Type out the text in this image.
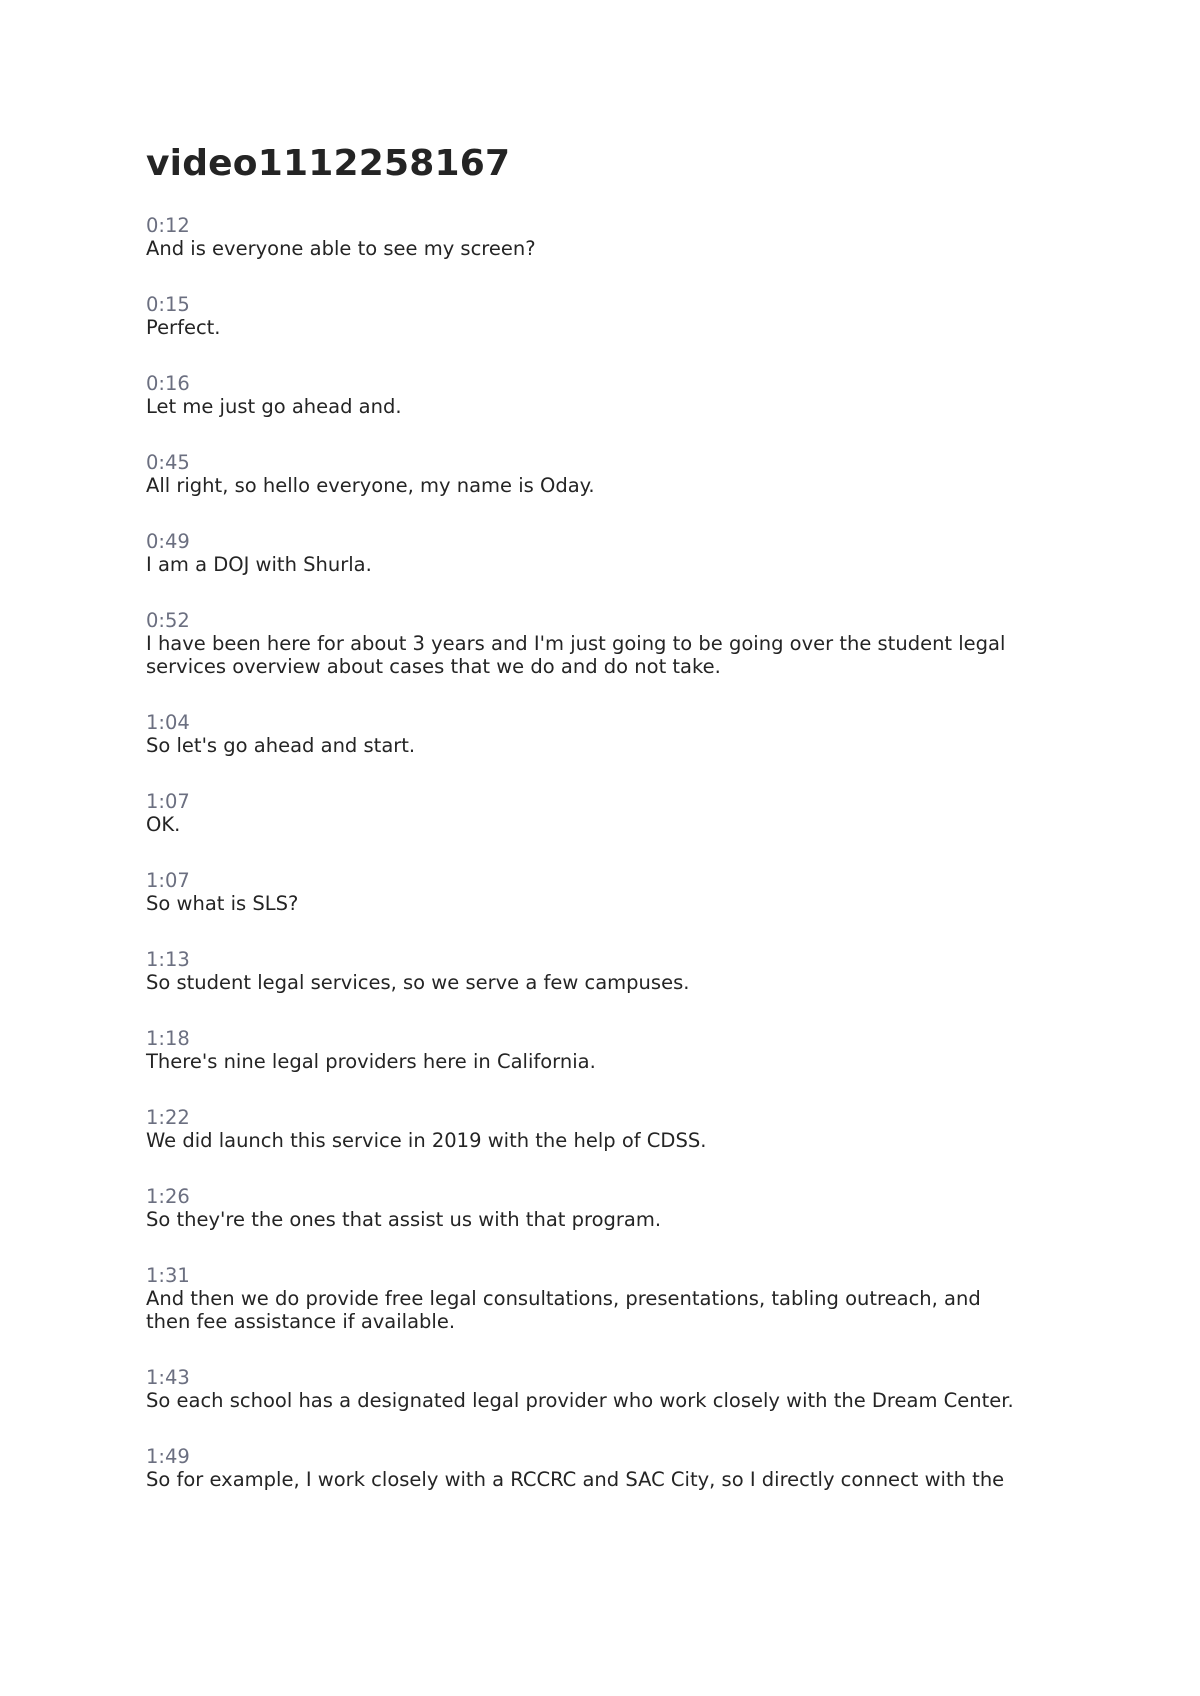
video1112258167
0:12
And is everyone able to see my screen?
0:15
Perfect.
0:16
Let me just go ahead and.
0:45
All right, so hello everyone, my name is Oday.
0:49
I am a DOJ with Shurla.
0:52
I have been here for about 3 years and I'm just going to be going over the student legal
services overview about cases that we do and do not take.
1:04
So let's go ahead and start.
1:07
OK.
1:07
So what is SLS?
1:13
So student legal services, so we serve a few campuses.
1:18
There's nine legal providers here in California.
1:22
We did launch this service in 2019 with the help of CDSS.
1:26
So they're the ones that assist us with that program.
1:31
And then we do provide free legal consultations, presentations, tabling outreach, and
then fee assistance if available.
1:43
So each school has a designated legal provider who work closely with the Dream Center.
1:49
So for example, I work closely with a RCCRC and SAC City, so I directly connect with the
